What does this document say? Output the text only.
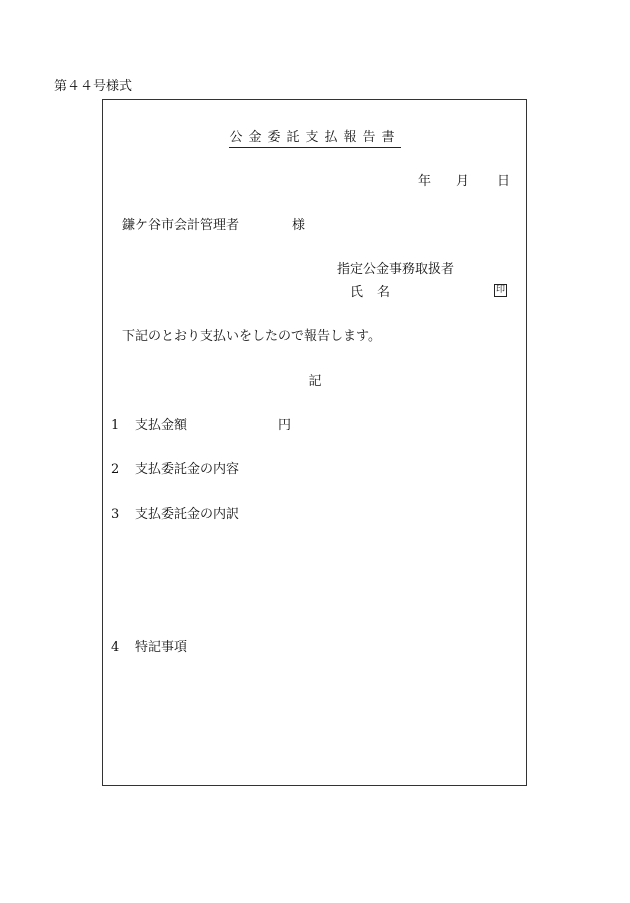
第４４号様式
公金委託支払報告書
年 月 日
鎌ケ谷市会計管理者	様
指定公金事務取扱者
氏名	印
下記のとおり支払いをしたので報告します。
記
1 支払金額	円
2 支払委託金の内容
3 支払委託金の内訳
4 特記事項
